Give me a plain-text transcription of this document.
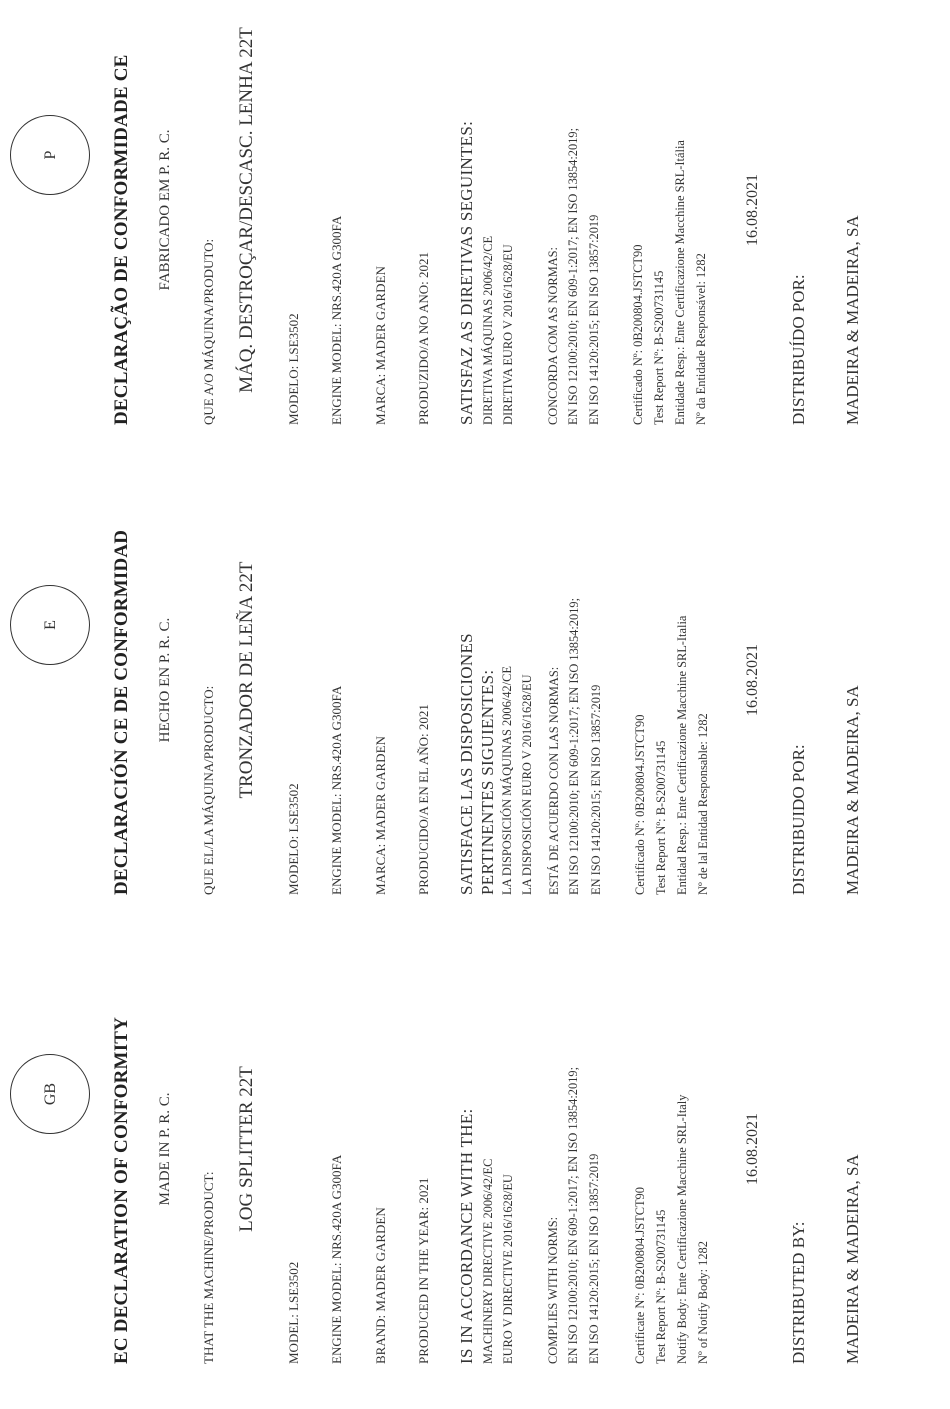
GB	EC DECLARATION OF CONFORMITY MADE IN P. R. C.
THAT THE MACHINE/PRODUCT:
LOG SPLITTER 22T
MODEL: LSE3502 ENGINE MODEL: NRS.420A G300FA BRAND: MADER GARDEN PRODUCED IN THE YEAR: 2021 IS IN ACCORDANCE WITH THE: MACHINERY DIRECTIVE 2006/42/EC EURO V DIRECTIVE 2016/1628/EU	COMPLIES WITH NORMS: EN ISO 12100:2010; EN 609-1:2017; EN ISO 13854:2019; EN ISO 14120:2015; EN ISO 13857:2019	Certificate Nº: 0B200804.JSTCT90 Test Report Nº: B-S200731145 Notify Body: Ente Certificazione Macchine SRL-Italy Nº of Notify Body: 1282
16.08.2021
DISTRIBUTED BY: MADEIRA & MADEIRA, SA
E	DECLARACIÓN CE DE CONFORMIDAD HECHO EN P. R. C.
QUE EL/LA MÁQUINA/PRODUCTO: TRONZADOR DE LEÑA 22T
MODELO: LSE3502 ENGINE MODEL: NRS.420A G300FA MARCA: MADER GARDEN PRODUCIDO/A EN EL AÑO: 2021 SATISFACE LAS DISPOSICIONES PERTINENTES SIGUIENTES: LA DISPOSICIÓN MÁQUINAS 2006/42/CE LA DISPOSICIÓN EURO V 2016/1628/EU ESTÁ DE ACUERDO CON LAS NORMAS: EN ISO 12100:2010; EN 609-1:2017; EN ISO 13854:2019; EN ISO 14120:2015; EN ISO 13857:2019 Certificado Nº: 0B200804.JSTCT90 Test Report Nº: B-S200731145 Entidad Resp.: Ente Certificazione Macchine SRL-Italia Nº de lal Entidad Responsable: 1282
16.08.2021
DISTRIBUIDO POR: MADEIRA & MADEIRA, SA
P	DECLARAÇÃO DE CONFORMIDADE CE FABRICADO EM P. R. C.
QUE A/O MÁQUINA/PRODUTO: MÁQ. DESTROÇAR/DESCASC. LENHA 22T MODELO: LSE3502 ENGINE MODEL: NRS.420A G300FA MARCA: MADER GARDEN PRODUZIDO/A NO ANO: 2021 SATISFAZ AS DIRETIVAS SEGUINTES: DIRETIVA MÁQUINAS 2006/42/CE DIRETIVA EURO V 2016/1628/EU	CONCORDA COM AS NORMAS: EN ISO 12100:2010; EN 609-1:2017; EN ISO 13854:2019; EN ISO 14120:2015; EN ISO 13857:2019 Certificado Nº: 0B200804.JSTCT90 Test Report Nº: B-S200731145 Entidade Resp.: Ente Certificazione Macchine SRL-Itália Nº da Entidade Responsável: 1282
16.08.2021
DISTRIBUÍDO POR: MADEIRA & MADEIRA, SA
